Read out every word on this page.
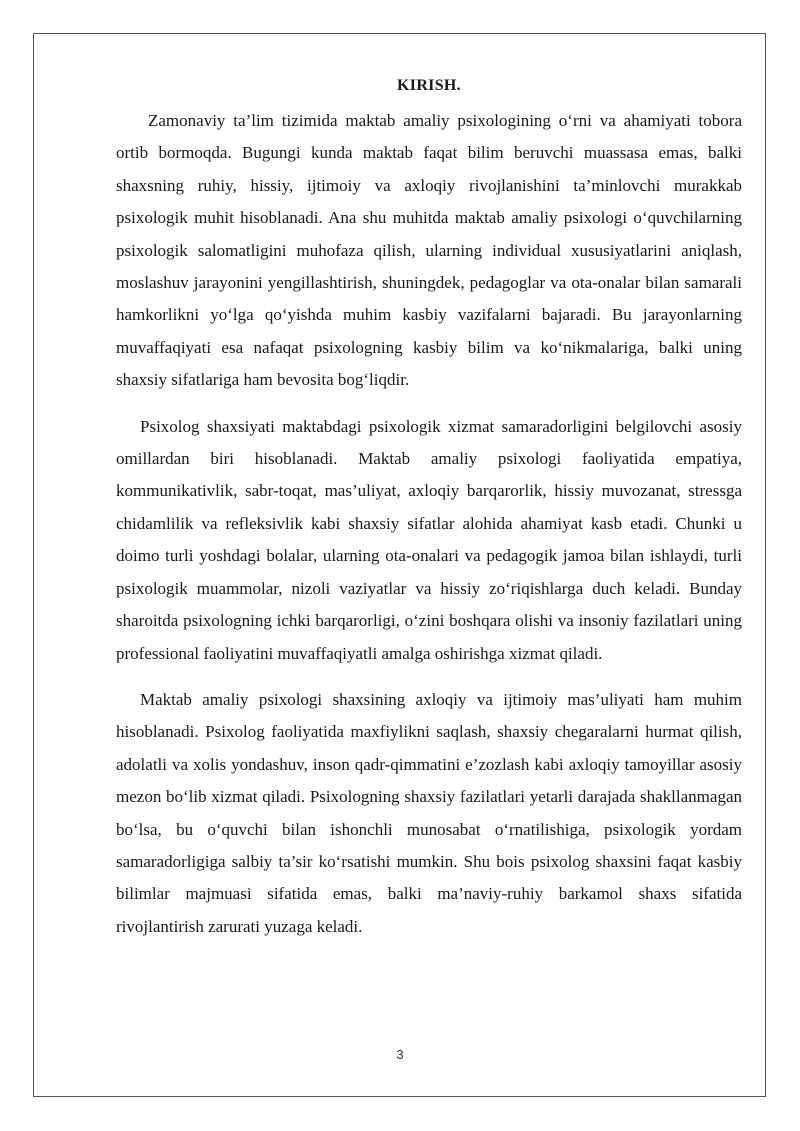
KIRISH.

Zamonaviy ta’lim tizimida maktab amaliy psixologining o‘rni va ahamiyati tobora ortib bormoqda. Bugungi kunda maktab faqat bilim beruvchi muassasa emas, balki shaxsning ruhiy, hissiy, ijtimoiy va axloqiy rivojlanishini ta’minlovchi murakkab psixologik muhit hisoblanadi. Ana shu muhitda maktab amaliy psixologi o‘quvchilarning psixologik salomatligini muhofaza qilish, ularning individual xususiyatlarini aniqlash, moslashuv jarayonini yengillashtirish, shuningdek, pedagoglar va ota-onalar bilan samarali hamkorlikni yo‘lga qo‘yishda muhim kasbiy vazifalarni bajaradi. Bu jarayonlarning muvaffaqiyati esa nafaqat psixologning kasbiy bilim va ko‘nikmalariga, balki uning shaxsiy sifatlariga ham bevosita bog‘liqdir.

Psixolog shaxsiyati maktabdagi psixologik xizmat samaradorligini belgilovchi asosiy omillardan biri hisoblanadi. Maktab amaliy psixologi faoliyatida empatiya, kommunikativlik, sabr-toqat, mas’uliyat, axloqiy barqarorlik, hissiy muvozanat, stressga chidamlilik va refleksivlik kabi shaxsiy sifatlar alohida ahamiyat kasb etadi. Chunki u doimo turli yoshdagi bolalar, ularning ota-onalari va pedagogik jamoa bilan ishlaydi, turli psixologik muammolar, nizoli vaziyatlar va hissiy zo‘riqishlarga duch keladi. Bunday sharoitda psixologning ichki barqarorligi, o‘zini boshqara olishi va insoniy fazilatlari uning professional faoliyatini muvaffaqiyatli amalga oshirishga xizmat qiladi.

Maktab amaliy psixologi shaxsining axloqiy va ijtimoiy mas’uliyati ham muhim hisoblanadi. Psixolog faoliyatida maxfiylikni saqlash, shaxsiy chegaralarni hurmat qilish, adolatli va xolis yondashuv, inson qadr-qimmatini e’zozlash kabi axloqiy tamoyillar asosiy mezon bo‘lib xizmat qiladi. Psixologning shaxsiy fazilatlari yetarli darajada shakllanmagan bo‘lsa, bu o‘quvchi bilan ishonchli munosabat o‘rnatilishiga, psixologik yordam samaradorligiga salbiy ta’sir ko‘rsatishi mumkin. Shu bois psixolog shaxsini faqat kasbiy bilimlar majmuasi sifatida emas, balki ma’naviy-ruhiy barkamol shaxs sifatida rivojlantirish zarurati yuzaga keladi.

3
